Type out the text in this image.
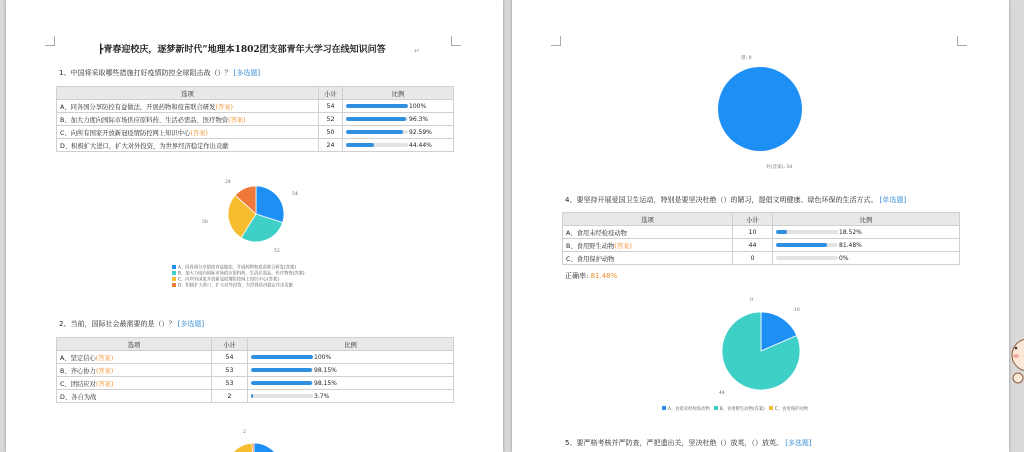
┣青春迎校庆，逐梦新时代”地理本1802团支部青年大学习在线知识问答	↵
1、中国将采取哪些措施打好疫情防控全球阻击战（）？ [多选题]
选项	小计	比例
A、同各国分享防控有益做法，开展药物和疫苗联合研发(答案)	54	100%
B、加大力度向国际市场供应原料药、生活必需品、医疗物资(答案)	52	96.3%
C、向所有国家开放新冠疫情防控网上知识中心(答案)	50	92.59%
D、积极扩大进口，扩大对外投资，为世界经济稳定作出贡献	24	44.44%
54
52
50
24
A、同各国分享防控有益做法，开展药物和疫苗联合研发(答案)
B、加大力度向国际市场供应原料药、生活必需品、医疗物资(答案)
C、向所有国家开放新冠疫情防控网上知识中心(答案)
D、积极扩大进口，扩大对外投资，为世界经济稳定作出贡献
2、当前，国际社会最需要的是（）？ [多选题]
选项	小计	比例
A、坚定信心(答案)	54	100%
B、齐心协力(答案)	53	98.15%
C、团结应对(答案)	53	98.15%
D、各自为战	2	3.7%
2
错: 0
对(答案): 54
4、要坚持开展爱国卫生运动，特别是要坚决杜绝（）的陋习，提倡文明健康、绿色环保的生活方式。 [单选题]
选项	小计	比例
A、食用未经检疫动物	10	18.52%
B、食用野生动物(答案)	44	81.48%
C、食用保护动物	0	0%
正确率: 81.48%
0
10
44
A、食用未经检疫动物 B、食用野生动物(答案) C、食用保护动物
5、要严格考核并严防查，严把遗出关，坚决杜绝（）放英，（）放英。 [多选题]
